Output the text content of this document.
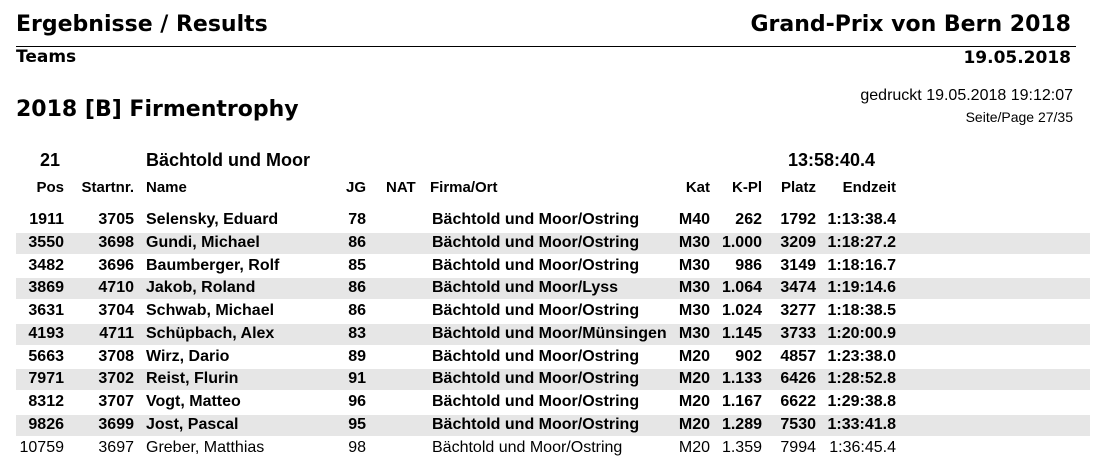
Ergebnisse / Results	Grand-Prix von Bern 2018
Teams	19.05.2018
2018 [B] Firmentrophy
gedruckt 19.05.2018 19:12:07
Seite/Page 27/35
21	Bächtold und Moor	13:58:40.4
Pos	Startnr. Name	JG NAT Firma/Ort	Kat	K-Pl	Platz	Endzeit
1911	3705 Selensky, Eduard	78	Bächtold und Moor/Ostring	M40	262	1792 1:13:38.4
3550	3698 Gundi, Michael	86	Bächtold und Moor/Ostring	M30 1.000	3209 1:18:27.2
3482	3696 Baumberger, Rolf	85	Bächtold und Moor/Ostring	M30	986	3149 1:18:16.7
3869	4710 Jakob, Roland	86	Bächtold und Moor/Lyss	M30 1.064	3474 1:19:14.6
3631	3704 Schwab, Michael	86	Bächtold und Moor/Ostring	M30 1.024	3277 1:18:38.5
4193	4711 Schüpbach, Alex	83	Bächtold und Moor/Münsingen M30 1.145	3733 1:20:00.9
5663	3708 Wirz, Dario	89	Bächtold und Moor/Ostring	M20	902	4857 1:23:38.0
7971	3702 Reist, Flurin	91	Bächtold und Moor/Ostring	M20 1.133	6426 1:28:52.8
8312	3707 Vogt, Matteo	96	Bächtold und Moor/Ostring	M20 1.167	6622 1:29:38.8
9826	3699 Jost, Pascal	95	Bächtold und Moor/Ostring	M20 1.289	7530 1:33:41.8
10759	3697 Greber, Matthias	98	Bächtold und Moor/Ostring	M20 1.359	7994 1:36:45.4
